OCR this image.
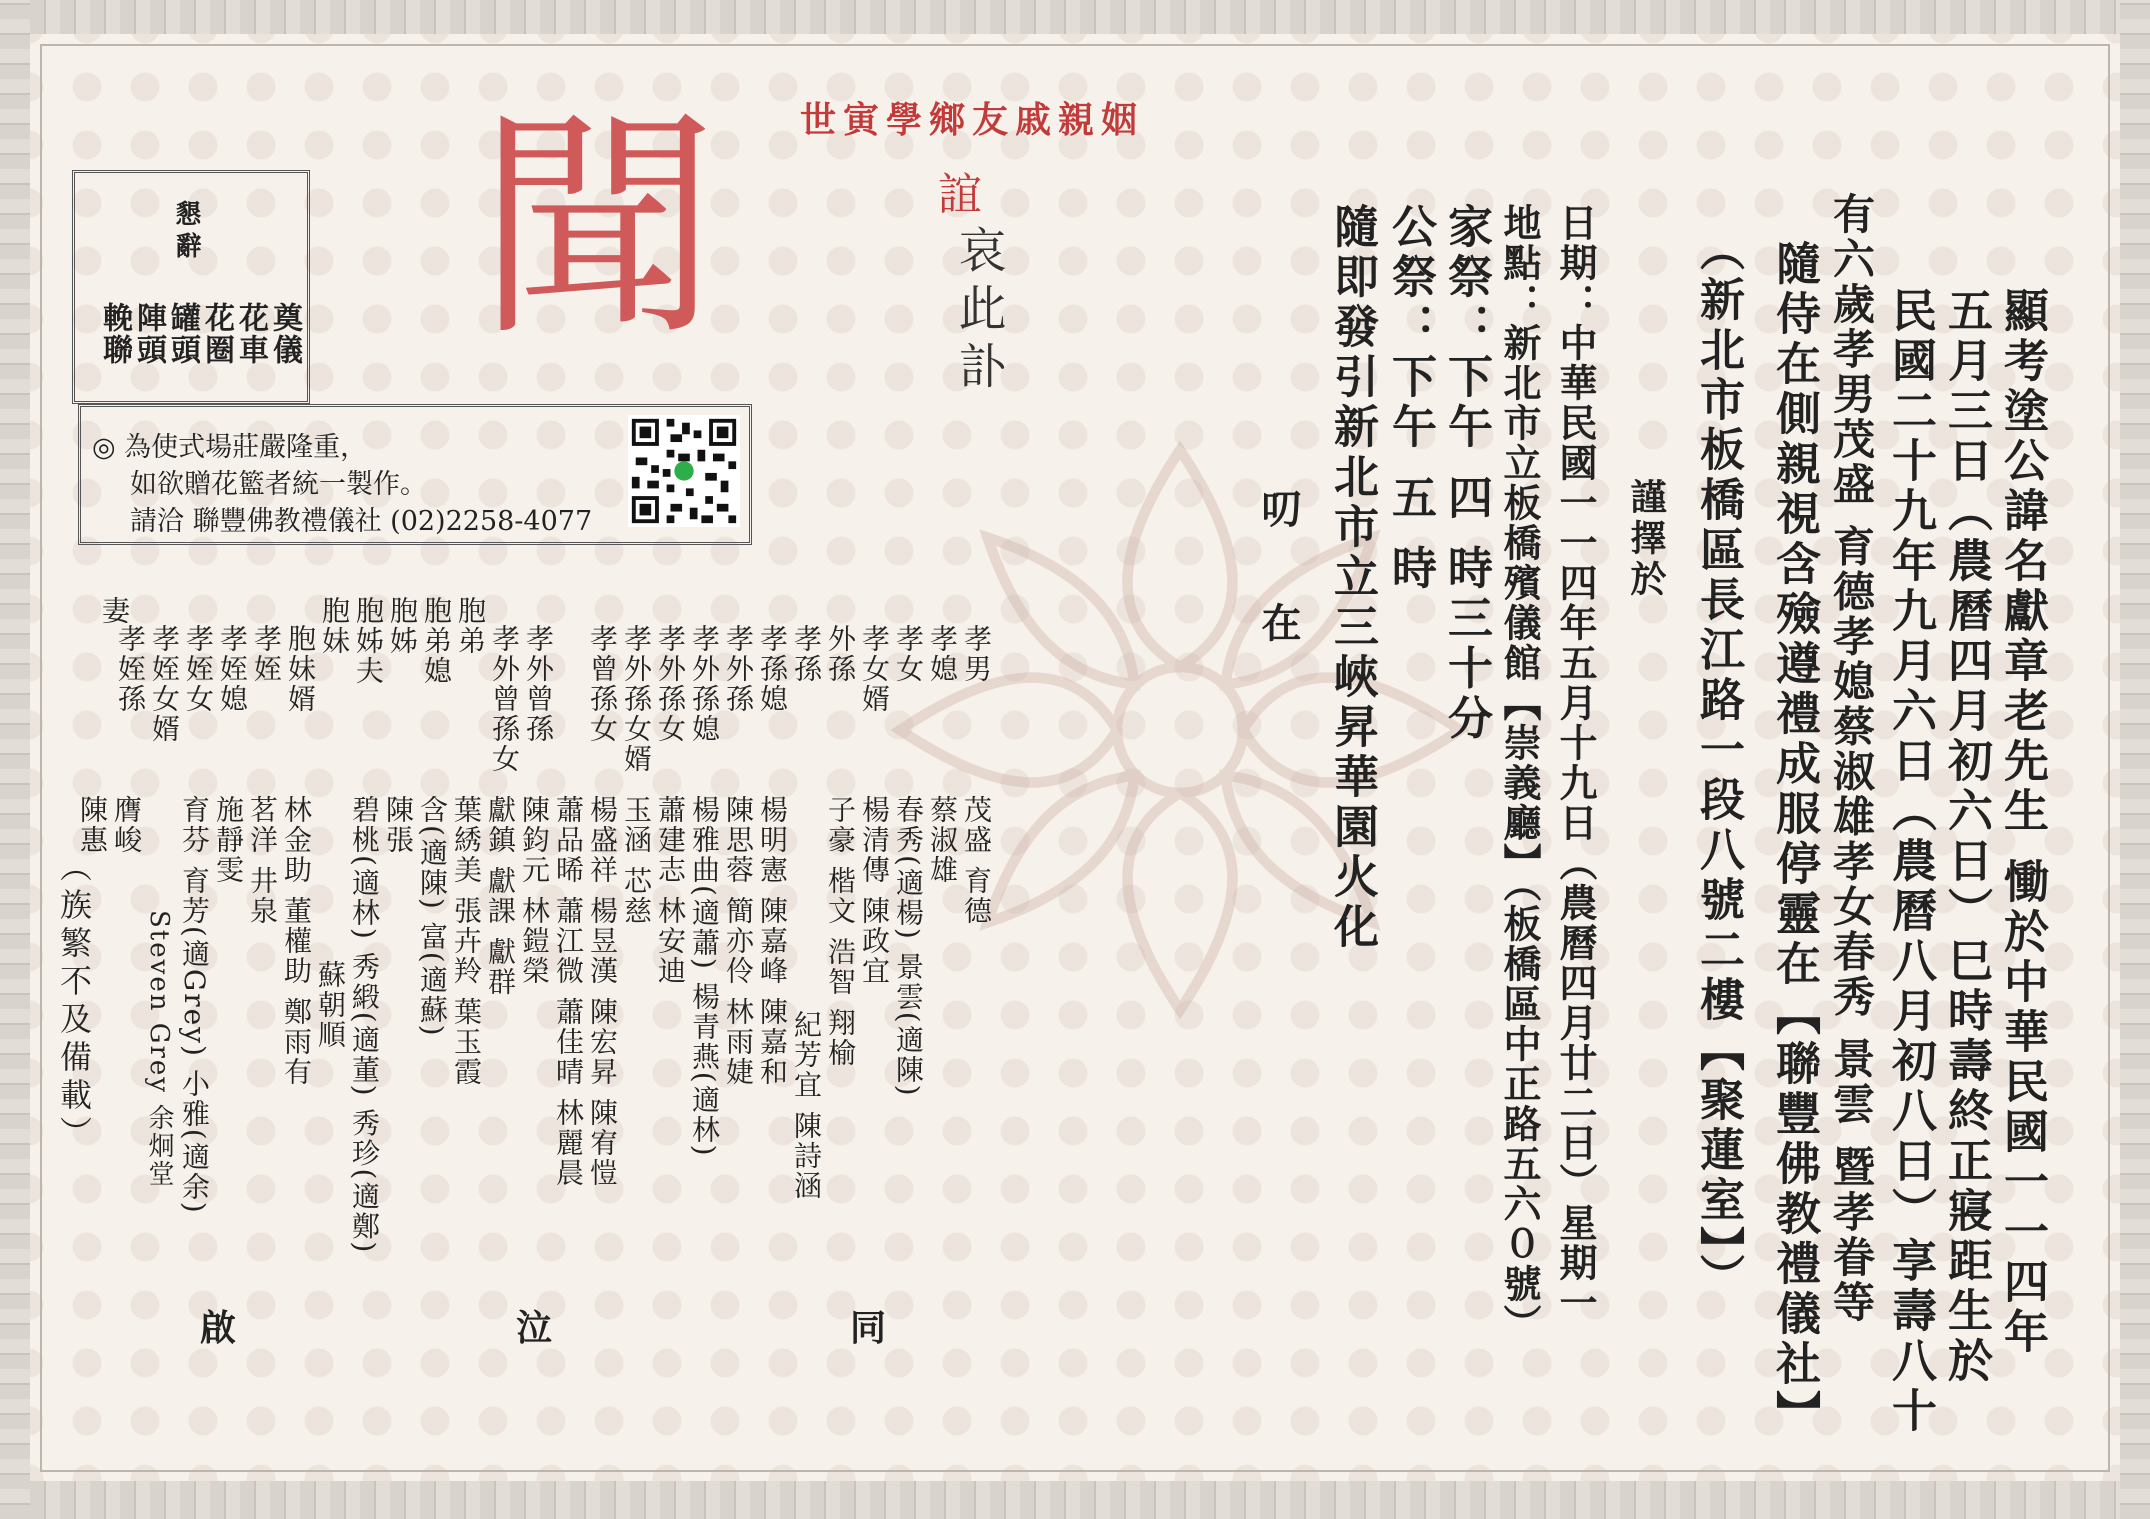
世寅學鄉友戚親姻
聞	誼
哀此訃
懇辭
奠儀
花車
花圈
罐頭
陣頭
輓聯
◎ 為使式場莊嚴隆重，
如欲贈花籃者統一製作。
請洽 聯豐佛教禮儀社 (02)2258-4077	顯考塗公諱名獻章老先生 慟於中華民國一一四年
五月三日（農曆四月初六日）巳時壽終正寢距生於
民國二十九年九月六日（農曆八月初八日）享壽八十
有六歲孝男茂盛 育德孝媳蔡淑雄孝女春秀 景雲 暨孝眷等
隨侍在側親視含殮遵禮成服停靈在【聯豐佛教禮儀社】
（新北市板橋區長江路一段八號二樓【聚蓮室】）
謹擇於
日期：中華民國一一四年五月十九日（農曆四月廿二日）星期一
地點：新北市立板橋殯儀館【崇義廳】（板橋區中正路五六０號）
家祭：下午 四 時三十分
公祭：下午 五 時
隨即發引新北市立三峽昇華園火化
叨 在
孝男
孝媳
孝女
孝女婿
外孫
孝孫
孝孫媳
孝外孫
孝外孫媳
孝外孫女
孝外孫女婿
孝曾孫女
孝外曾孫
孝外曾孫女
胞弟
胞弟媳
胞姊
胞姊夫
胞妹
胞妹婿
孝姪
孝姪媳
孝姪女
孝姪女婿
孝姪孫
妻
茂盛 育德
蔡淑雄
春秀(適楊) 景雲(適陳)
楊清傳 陳政宜
子豪 楷文 浩智 翔榆
紀芳宜 陳詩涵
楊明憲 陳嘉峰 陳嘉和
陳思蓉 簡亦伶 林雨婕
楊雅曲(適蕭) 楊青燕(適林)
蕭建志 林安迪
玉涵 芯慈
楊盛祥 楊昱漢 陳宏昇 陳宥愷
蕭品晞 蕭江微 蕭佳晴 林麗晨
陳鈞元 林鎧榮
獻鎮 獻課 獻群
葉綉美 張卉羚 葉玉霞
含(適陳) 富(適蘇)
陳張
碧桃(適林) 秀緞(適董) 秀珍(適鄭)
蘇朝順
林金助 董權助 鄭雨有
茗洋 井泉
施靜雯
育芬 育芳(適Grey) 小雅(適余)
Steven Grey 余炯堂
膺峻
陳惠
（族繁不及備載）
同
泣
啟
